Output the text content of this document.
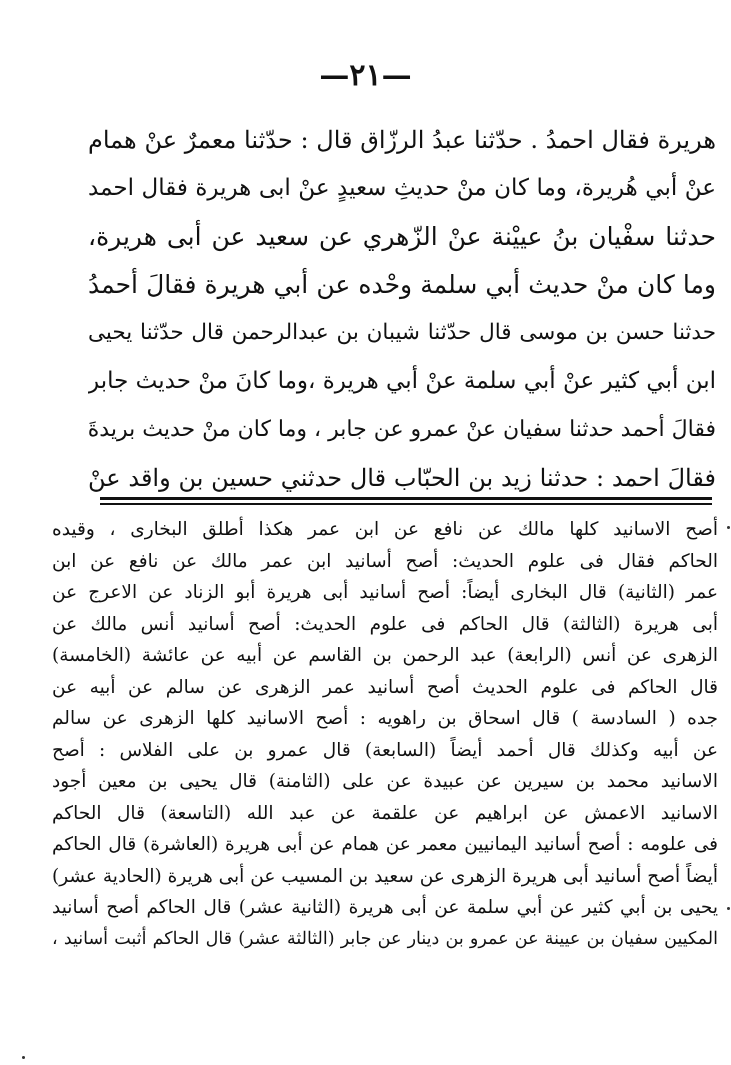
—٢١—
هريرة فقال احمدُ . حدّثنا عبدُ الرزّاق قال : حدّثنا معمرٌ عنْ همام
عنْ أبي هُريرة، وما كان منْ حديثِ سعيدٍ عنْ ابى هريرة فقال احمد
حدثنا سفْيان بنُ عييْنة عنْ الزّهري عن سعيد عن أبى هريرة،
وما كان منْ حديث أبي سلمة وحْده عن أبي هريرة فقالَ أحمدُ
حدثنا حسن بن موسى قال حدّثنا شيبان بن عبدالرحمن قال حدّثنا يحيى
ابن أبي كثير عنْ أبي سلمة عنْ أبي هريرة ،وما كانَ منْ حديث جابر
فقالَ أحمد حدثنا سفيان عنْ عمرو عن جابر ، وما كان منْ حديث بريدةَ
فقالَ احمد : حدثنا زيد بن الحبّاب قال حدثني حسين بن واقد عنْ
أصح الاسانيد كلها مالك عن نافع عن ابن عمر هكذا أطلق البخارى ، وقيده
الحاكم فقال فى علوم الحديث: أصح أسانيد ابن عمر مالك عن نافع عن ابن
عمر (الثانية) قال البخارى أيضاً: أصح أسانيد أبى هريرة أبو الزناد عن الاعرج عن
أبى هريرة (الثالثة) قال الحاكم فى علوم الحديث: أصح أسانيد أنس مالك عن
الزهرى عن أنس (الرابعة) عبد الرحمن بن القاسم عن أبيه عن عائشة (الخامسة)
قال الحاكم فى علوم الحديث أصح أسانيد عمر الزهرى عن سالم عن أبيه عن
جده ( السادسة ) قال اسحاق بن راهويه : أصح الاسانيد كلها الزهرى عن سالم
عن أبيه وكذلك قال أحمد أيضاً (السابعة) قال عمرو بن على الفلاس : أصح
الاسانيد محمد بن سيرين عن عبيدة عن على (الثامنة) قال يحيى بن معين أجود
الاسانيد الاعمش عن ابراهيم عن علقمة عن عبد الله (التاسعة) قال الحاكم
فى علومه : أصح أسانيد اليمانيين معمر عن همام عن أبى هريرة (العاشرة) قال الحاكم
أيضاً أصح أسانيد أبى هريرة الزهرى عن سعيد بن المسيب عن أبى هريرة (الحادية عشر)
يحيى بن أبي كثير عن أبي سلمة عن أبى هريرة (الثانية عشر) قال الحاكم أصح أسانيد
المكيين سفيان بن عيينة عن عمرو بن دينار عن جابر (الثالثة عشر) قال الحاكم أثبت أسانيد ،
